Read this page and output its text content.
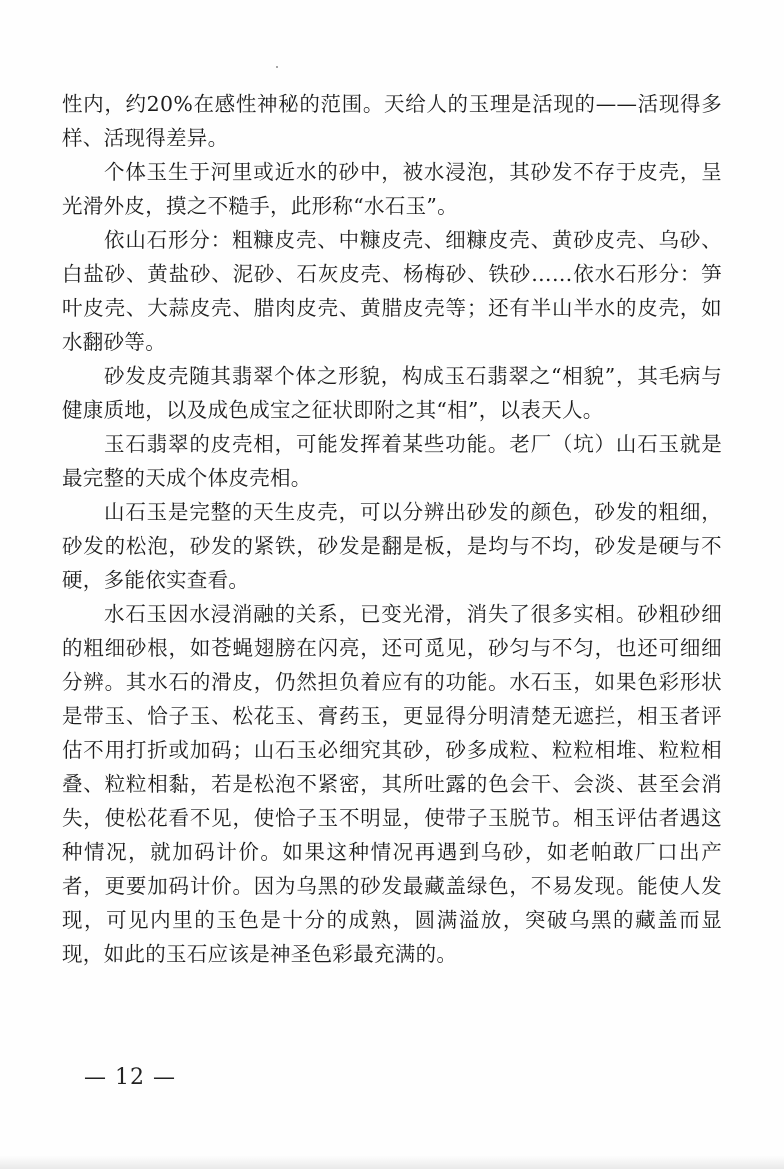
性内，约20%在感性神秘的范围。天给人的玉理是活现的——活现得多样、活现得差异。

个体玉生于河里或近水的砂中，被水浸泡，其砂发不存于皮壳，呈光滑外皮，摸之不糙手，此形称“水石玉”。

依山石形分：粗糠皮壳、中糠皮壳、细糠皮壳、黄砂皮壳、乌砂、白盐砂、黄盐砂、泥砂、石灰皮壳、杨梅砂、铁砂……依水石形分：笋叶皮壳、大蒜皮壳、腊肉皮壳、黄腊皮壳等；还有半山半水的皮壳，如水翻砂等。

砂发皮壳随其翡翠个体之形貌，构成玉石翡翠之“相貌”，其毛病与健康质地，以及成色成宝之征状即附之其“相”，以表天人。

玉石翡翠的皮壳相，可能发挥着某些功能。老厂（坑）山石玉就是最完整的天成个体皮壳相。

山石玉是完整的天生皮壳，可以分辨出砂发的颜色，砂发的粗细，砂发的松泡，砂发的紧铁，砂发是翻是板，是均与不均，砂发是硬与不硬，多能依实查看。

水石玉因水浸消融的关系，已变光滑，消失了很多实相。砂粗砂细的粗细砂根，如苍蝇翅膀在闪亮，还可觅见，砂匀与不匀，也还可细细分辨。其水石的滑皮，仍然担负着应有的功能。水石玉，如果色彩形状是带玉、恰子玉、松花玉、膏药玉，更显得分明清楚无遮拦，相玉者评估不用打折或加码；山石玉必细究其砂，砂多成粒、粒粒相堆、粒粒相叠、粒粒相黏，若是松泡不紧密，其所吐露的色会干、会淡、甚至会消失，使松花看不见，使恰子玉不明显，使带子玉脱节。相玉评估者遇这种情况，就加码计价。如果这种情况再遇到乌砂，如老帕敢厂口出产者，更要加码计价。因为乌黑的砂发最藏盖绿色，不易发现。能使人发现，可见内里的玉色是十分的成熟，圆满溢放，突破乌黑的藏盖而显现，如此的玉石应该是神圣色彩最充满的。

— 12 —
